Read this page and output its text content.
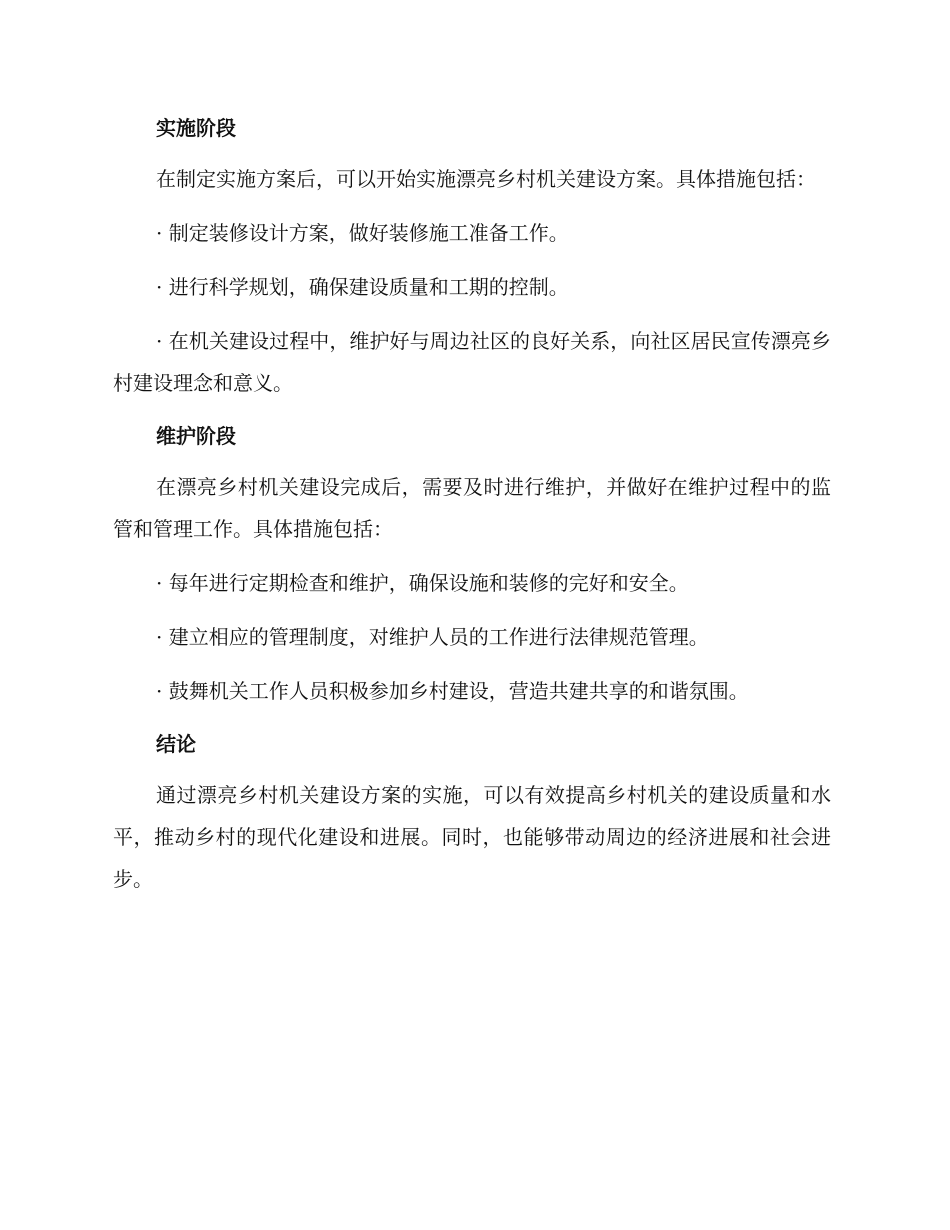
实施阶段

在制定实施方案后，可以开始实施漂亮乡村机关建设方案。具体措施包括：

· 制定装修设计方案，做好装修施工准备工作。

· 进行科学规划，确保建设质量和工期的控制。

· 在机关建设过程中，维护好与周边社区的良好关系，向社区居民宣传漂亮乡村建设理念和意义。

维护阶段

在漂亮乡村机关建设完成后，需要及时进行维护，并做好在维护过程中的监管和管理工作。具体措施包括：

· 每年进行定期检查和维护，确保设施和装修的完好和安全。

· 建立相应的管理制度，对维护人员的工作进行法律规范管理。

· 鼓舞机关工作人员积极参加乡村建设，营造共建共享的和谐氛围。

结论

通过漂亮乡村机关建设方案的实施，可以有效提高乡村机关的建设质量和水平，推动乡村的现代化建设和进展。同时，也能够带动周边的经济进展和社会进步。
